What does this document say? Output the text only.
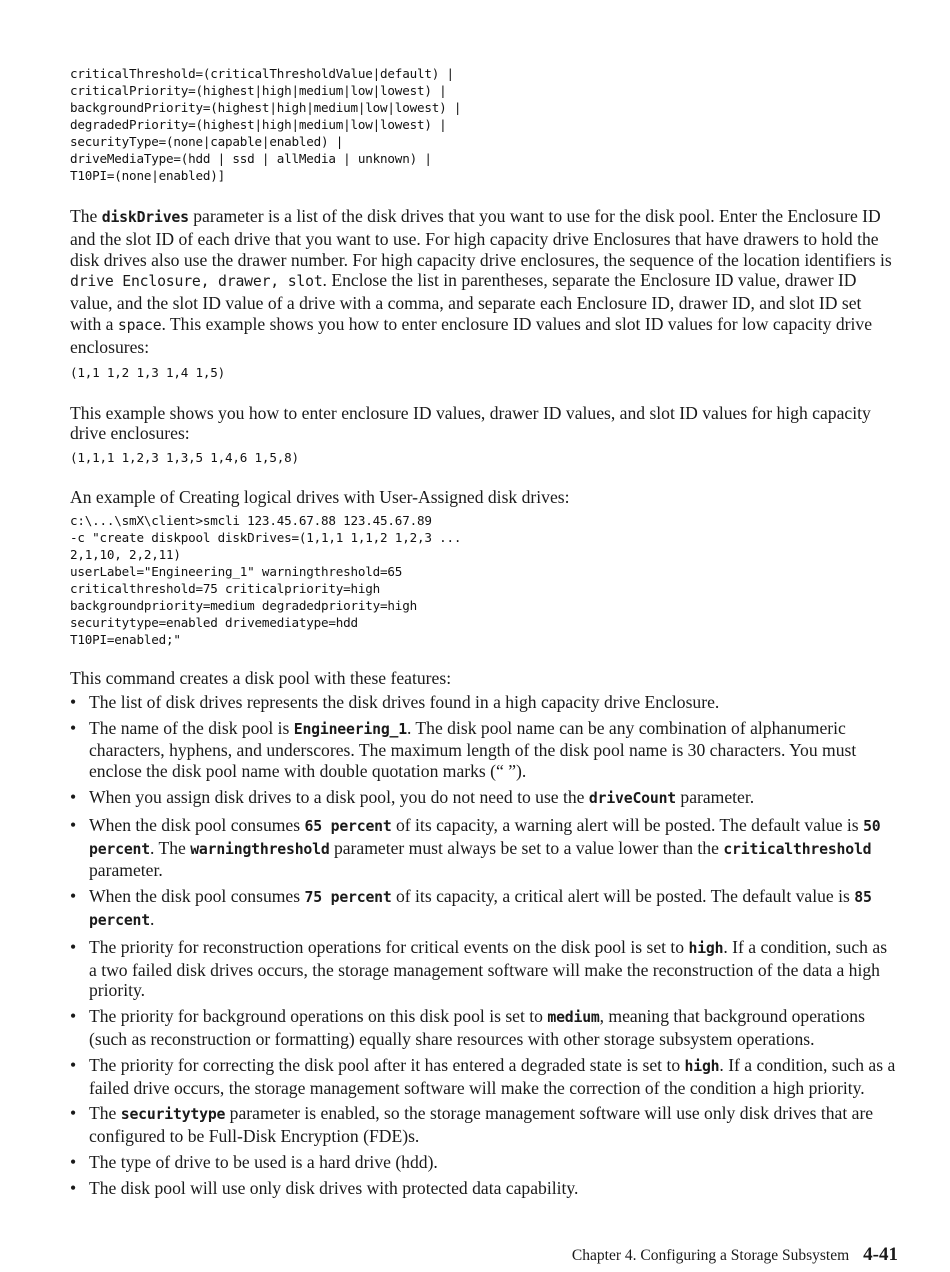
criticalThreshold=(criticalThresholdValue|default) |
criticalPriority=(highest|high|medium|low|lowest) |
backgroundPriority=(highest|high|medium|low|lowest) |
degradedPriority=(highest|high|medium|low|lowest) |
securityType=(none|capable|enabled) |
driveMediaType=(hdd | ssd | allMedia | unknown) |
T10PI=(none|enabled)]

The diskDrives parameter is a list of the disk drives that you want to use for the disk pool. Enter the Enclosure ID and the slot ID of each drive that you want to use. For high capacity drive Enclosures that have drawers to hold the disk drives also use the drawer number. For high capacity drive enclosures, the sequence of the location identifiers is drive Enclosure, drawer, slot. Enclose the list in parentheses, separate the Enclosure ID value, drawer ID value, and the slot ID value of a drive with a comma, and separate each Enclosure ID, drawer ID, and slot ID set with a space. This example shows you how to enter enclosure ID values and slot ID values for low capacity drive enclosures:

(1,1 1,2 1,3 1,4 1,5)

This example shows you how to enter enclosure ID values, drawer ID values, and slot ID values for high capacity drive enclosures:

(1,1,1 1,2,3 1,3,5 1,4,6 1,5,8)

An example of Creating logical drives with User-Assigned disk drives:

c:\...\smX\client>smcli 123.45.67.88 123.45.67.89
-c "create diskpool diskDrives=(1,1,1 1,1,2 1,2,3 ...
2,1,10, 2,2,11)
userLabel="Engineering_1" warningthreshold=65
criticalthreshold=75 criticalpriority=high
backgroundpriority=medium degradedpriority=high
securitytype=enabled drivemediatype=hdd
T10PI=enabled;"

This command creates a disk pool with these features:

• The list of disk drives represents the disk drives found in a high capacity drive Enclosure.
• The name of the disk pool is Engineering_1. The disk pool name can be any combination of alphanumeric characters, hyphens, and underscores. The maximum length of the disk pool name is 30 characters. You must enclose the disk pool name with double quotation marks (“ ”).
• When you assign disk drives to a disk pool, you do not need to use the driveCount parameter.
• When the disk pool consumes 65 percent of its capacity, a warning alert will be posted. The default value is 50 percent. The warningthreshold parameter must always be set to a value lower than the criticalthreshold parameter.
• When the disk pool consumes 75 percent of its capacity, a critical alert will be posted. The default value is 85 percent.
• The priority for reconstruction operations for critical events on the disk pool is set to high. If a condition, such as a two failed disk drives occurs, the storage management software will make the reconstruction of the data a high priority.
• The priority for background operations on this disk pool is set to medium, meaning that background operations (such as reconstruction or formatting) equally share resources with other storage subsystem operations.
• The priority for correcting the disk pool after it has entered a degraded state is set to high. If a condition, such as a failed drive occurs, the storage management software will make the correction of the condition a high priority.
• The securitytype parameter is enabled, so the storage management software will use only disk drives that are configured to be Full-Disk Encryption (FDE)s.
• The type of drive to be used is a hard drive (hdd).
• The disk pool will use only disk drives with protected data capability.
Chapter 4. Configuring a Storage Subsystem 4-41
